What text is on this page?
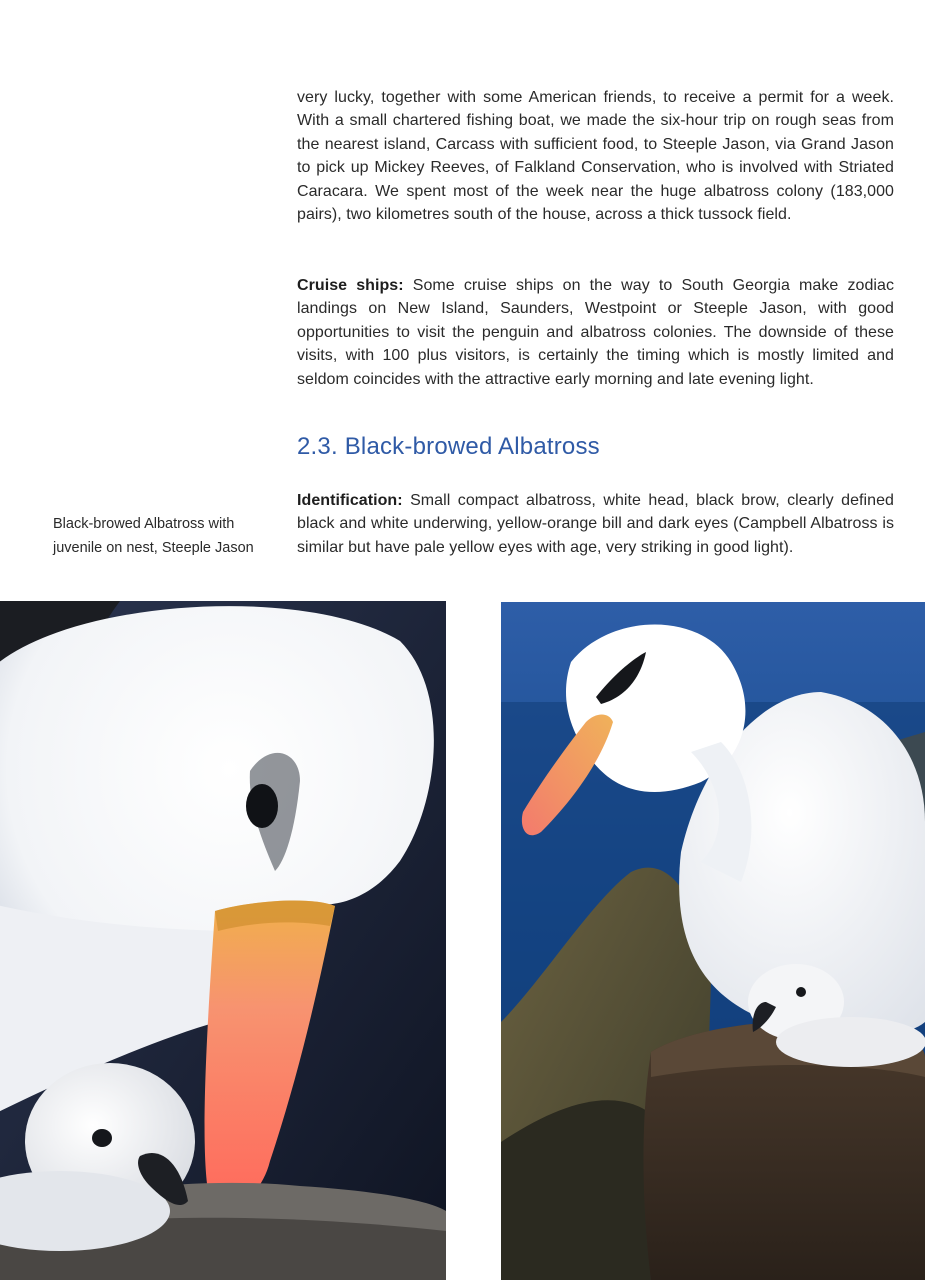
very lucky, together with some American friends, to receive a permit for a week. With a small chartered fishing boat, we made the six-hour trip on rough seas from the nearest island, Carcass with sufficient food, to Steeple Jason, via Grand Jason to pick up Mickey Reeves, of Falkland Conservation, who is involved with Striated Caracara. We spent most of the week near the huge albatross colony (183,000 pairs), two kilometres south of the house, across a thick tussock field.

Cruise ships: Some cruise ships on the way to South Georgia make zodiac landings on New Island, Saunders, Westpoint or Steeple Jason, with good opportunities to visit the penguin and albatross colonies. The downside of these visits, with 100 plus visitors, is certainly the timing which is mostly limited and seldom coincides with the attractive early morning and late evening light.

2.3. Black-browed Albatross

Identification: Small compact albatross, white head, black brow, clearly defined black and white underwing, yellow-orange bill and dark eyes (Campbell Albatross is similar but have pale yellow eyes with age, very striking in good light).

Black-browed Albatross with juvenile on nest, Steeple Jason
